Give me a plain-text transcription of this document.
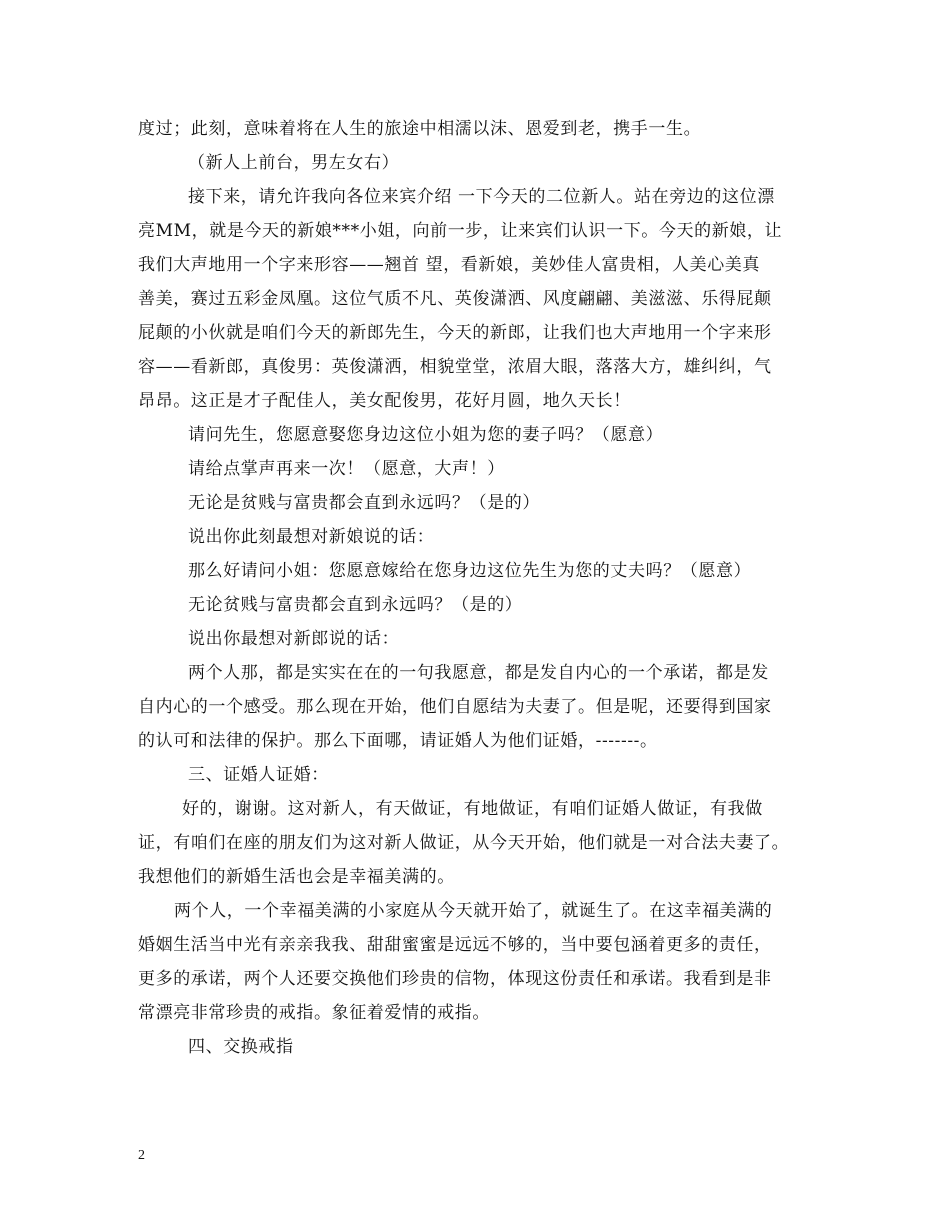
度过；此刻，意味着将在人生的旅途中相濡以沫、恩爱到老，携手一生。
（新人上前台，男左女右）
接下来，请允许我向各位来宾介绍 一下今天的二位新人。站在旁边的这位漂
亮MM，就是今天的新娘***小姐，向前一步，让来宾们认识一下。今天的新娘，让
我们大声地用一个字来形容——翘首 望，看新娘，美妙佳人富贵相，人美心美真
善美，赛过五彩金凤凰。这位气质不凡、英俊潇洒、风度翩翩、美滋滋、乐得屁颠
屁颠的小伙就是咱们今天的新郎先生，今天的新郎，让我们也大声地用一个字来形
容——看新郎，真俊男：英俊潇洒，相貌堂堂，浓眉大眼，落落大方，雄纠纠，气
昂昂。这正是才子配佳人，美女配俊男，花好月圆，地久天长！
请问先生，您愿意娶您身边这位小姐为您的妻子吗？（愿意）
请给点掌声再来一次！（愿意，大声！）
无论是贫贱与富贵都会直到永远吗？（是的）
说出你此刻最想对新娘说的话：
那么好请问小姐：您愿意嫁给在您身边这位先生为您的丈夫吗？（愿意）
无论贫贱与富贵都会直到永远吗？（是的）
说出你最想对新郎说的话：
两个人那，都是实实在在的一句我愿意，都是发自内心的一个承诺，都是发
自内心的一个感受。那么现在开始，他们自愿结为夫妻了。但是呢，还要得到国家
的认可和法律的保护。那么下面哪，请证婚人为他们证婚，-------。
三、证婚人证婚：
好的，谢谢。这对新人，有天做证，有地做证，有咱们证婚人做证，有我做
证，有咱们在座的朋友们为这对新人做证，从今天开始，他们就是一对合法夫妻了。
我想他们的新婚生活也会是幸福美满的。
两个人，一个幸福美满的小家庭从今天就开始了，就诞生了。在这幸福美满的
婚姻生活当中光有亲亲我我、甜甜蜜蜜是远远不够的，当中要包涵着更多的责任，
更多的承诺，两个人还要交换他们珍贵的信物，体现这份责任和承诺。我看到是非
常漂亮非常珍贵的戒指。象征着爱情的戒指。
四、交换戒指
2
